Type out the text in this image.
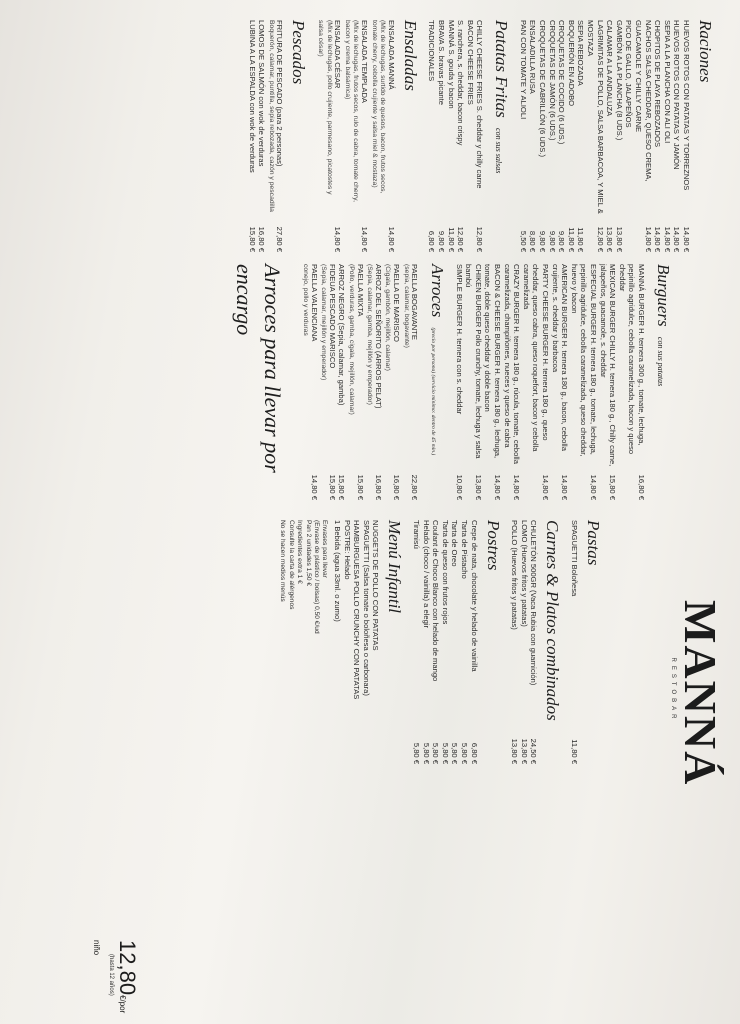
Raciones
HUEVOS ROTOS CON PATATAS Y TORREZNOS
14,80 €
HUEVOS ROTOS CON PATATAS Y JAMÓN
14,80 €
SEPIA A LA PLANCHA CON ALI OLI
14,80 €
CHOPITOS DE PLAYA REBOZADOS
14,80 €
NACHOS SALSA CHEDDAR, QUESO CREMA, GUACAMOLE Y CHILLY CARNE
14,80 €
PICO DE GALLO, JALAPEÑOS
GAMBÓN A LA PLANCHA (8 UDS.)
13,80 €
CALAMAR A LA ANDALUZA
13,80 €
LAGRIMITAS DE POLLO, SALSA BARBACOA, Y MIEL & MOSTAZA
12,80 €
SEPIA REBOZADA
11,80 €
BOQUERÓN EN ADOBO
11,80 €
CROQUETAS DE COCIDO (6 UDS.)
9,80 €
CROQUETAS DE JAMÓN (6 UDS.)
9,80 €
CROQUETAS DE CABRILLÓN (6 UDS.)
9,80 €
ENSALADILLA RUSA
8,80 €
PAN CON TOMATE Y ALIOLI
5,50 €
Patatas Fritas con sus salsas
CHILLY CHEESE FRIES S. cheddar y chilly carne
12,80 €
BACON CHEESE FRIES
S. ranchera, s. cheddar, bacon crispy
12,80 €
MANNÁ S. gouda y bacon
11,80 €
BRAVA S. bravas picante
9,80 €
TRADICIONALES
6,80 €
Ensaladas
ENSALADA MANNÁ
14,80 €
(Mix de lechugas, surtido de quesos, bacon, frutos secos, tomate cherry, cebolla crujiente y salsa miel & mostaza)
ENSALADA TEMPLADA
14,80 €
(Mix de lechugas, frutos secos, rulo de cabra, tomate cherry, bacon y crema balsámica)
ENSALADA CÉSAR
14,80 €
(Mix de lechugas, pollo crujiente, parmesano, picatostes y salsa césar)
Pescados
FRITURA DE PESCADO (para 2 personas)
27,80 €
Boquerón, calamar, puntilla, sepia rebozada, cazón y pescadilla
LOMOS DE SALMÓN con wok de verduras
16,80 €
LUBINA A LA ESPALDA con wok de verduras
15,80 €
Burguers con sus patatas
MANNÁ BURGER H. ternera 300 g., tomate, lechuga, pepinillo agridulce, cebolla caramelizada, bacon y queso cheddar
16,80 €
MEXICAN BURGER CHILLY H. ternera 180 g., Chilly carne, jalapeños, guacamole, s. cheddar
15,80 €
ESPECIAL BURGER H. ternera 180 g., tomate, lechuga, pepinillo agridulce, cebolla caramelizada, queso cheddar, huevo y bacon
14,80 €
AMERICAN BURGER H. ternera 180 g., bacon, cebolla crujiente, s. cheddar y barbacoa
14,80 €
PARTY CHEESE BURGER H. ternera 180 g., queso cheddar, queso cabra, queso roquefort, bacon y cebolla caramelizada
14,80 €
CRAZY BURGER H. ternera 180 g., rúcula, tomate, cebolla caramelizada, champiñones, nueces y queso de cabra
14,80 €
BACON & CHEESE BURGER H. ternera 180 g., lechuga, tomate, doble queso cheddar y doble bacon
14,80 €
CHIKEN BURGER Pollo crunchy, tomate, lechuga y salsa bambú
13,80 €
SIMPLE BURGER H. ternera con s. cheddar
10,80 €
Arroces (precio por persona) (servicio mínimo: dentro de 45 min.)
PAELLA BOGAVANTE
22,80 €
(sepia, calamar, bogavante)
PAELLA DE MARISCO
16,80 €
(Cigala, gambón, mejillón, calamar)
ARROZ DEL SEÑORITO (ARROS PELAT)
16,80 €
(Sepia, calamar, gamba, mejillón y emperador)
PAELLA MIXTA
15,80 €
(Pollo, verduras, gamba, cigala, mejillón, calamar)
ARROZ NEGRO (Sepia, calamar, gamba)
15,80 €
FIDEUA PESCADO MARISCO
15,80 €
(Sepia, calamar, mejillón y emperador)
PAELLA VALENCIANA
14,80 €
conejo, pollo y verduras
Arroces para llevar por encargo
MANNÁ
RESTOBAR
Pastas
SPAGUETTI Boloñesa
11,80 €
Carnes & Platos combinados
CHULETÓN 500GR (Vaca Rubia con guarnición)
24,50 €
LOMO (Huevos fritos y patatas)
13,80 €
POLLO (Huevos fritos y patatas)
13,80 €
Postres
Crepe de nata, chocolate y helado de vainilla
6,80 €
Tarta de Pistacho
5,80 €
Tarta de Oreo
5,80 €
Tarta de queso con frutos rojos
5,80 €
Coulant de Choco Blanco con helado de mango
5,80 €
Helado (choco / vainilla) a elegir
5,80 €
Tiramisú
5,80 €
Menú Infantil
NUGGETS DE POLLO CON PATATAS
SPAGUETTI (Salsa tomate o boloñesa o carbonara)
HAMBURGUESA POLLO CRUNCHY CON PATATAS
POSTRE: Helado
1 Bebida (agua 33ml. o zumo)
Envases para llevar
(Envase de plástico / bolsas) 0,50 €/ud
Pan 2 unidades 1,50 €
Ingredientes extra 1 €
Consulte la carta de alérgenos
No se hacen medios menús
12,80€/por niño
(hasta 12 años)
